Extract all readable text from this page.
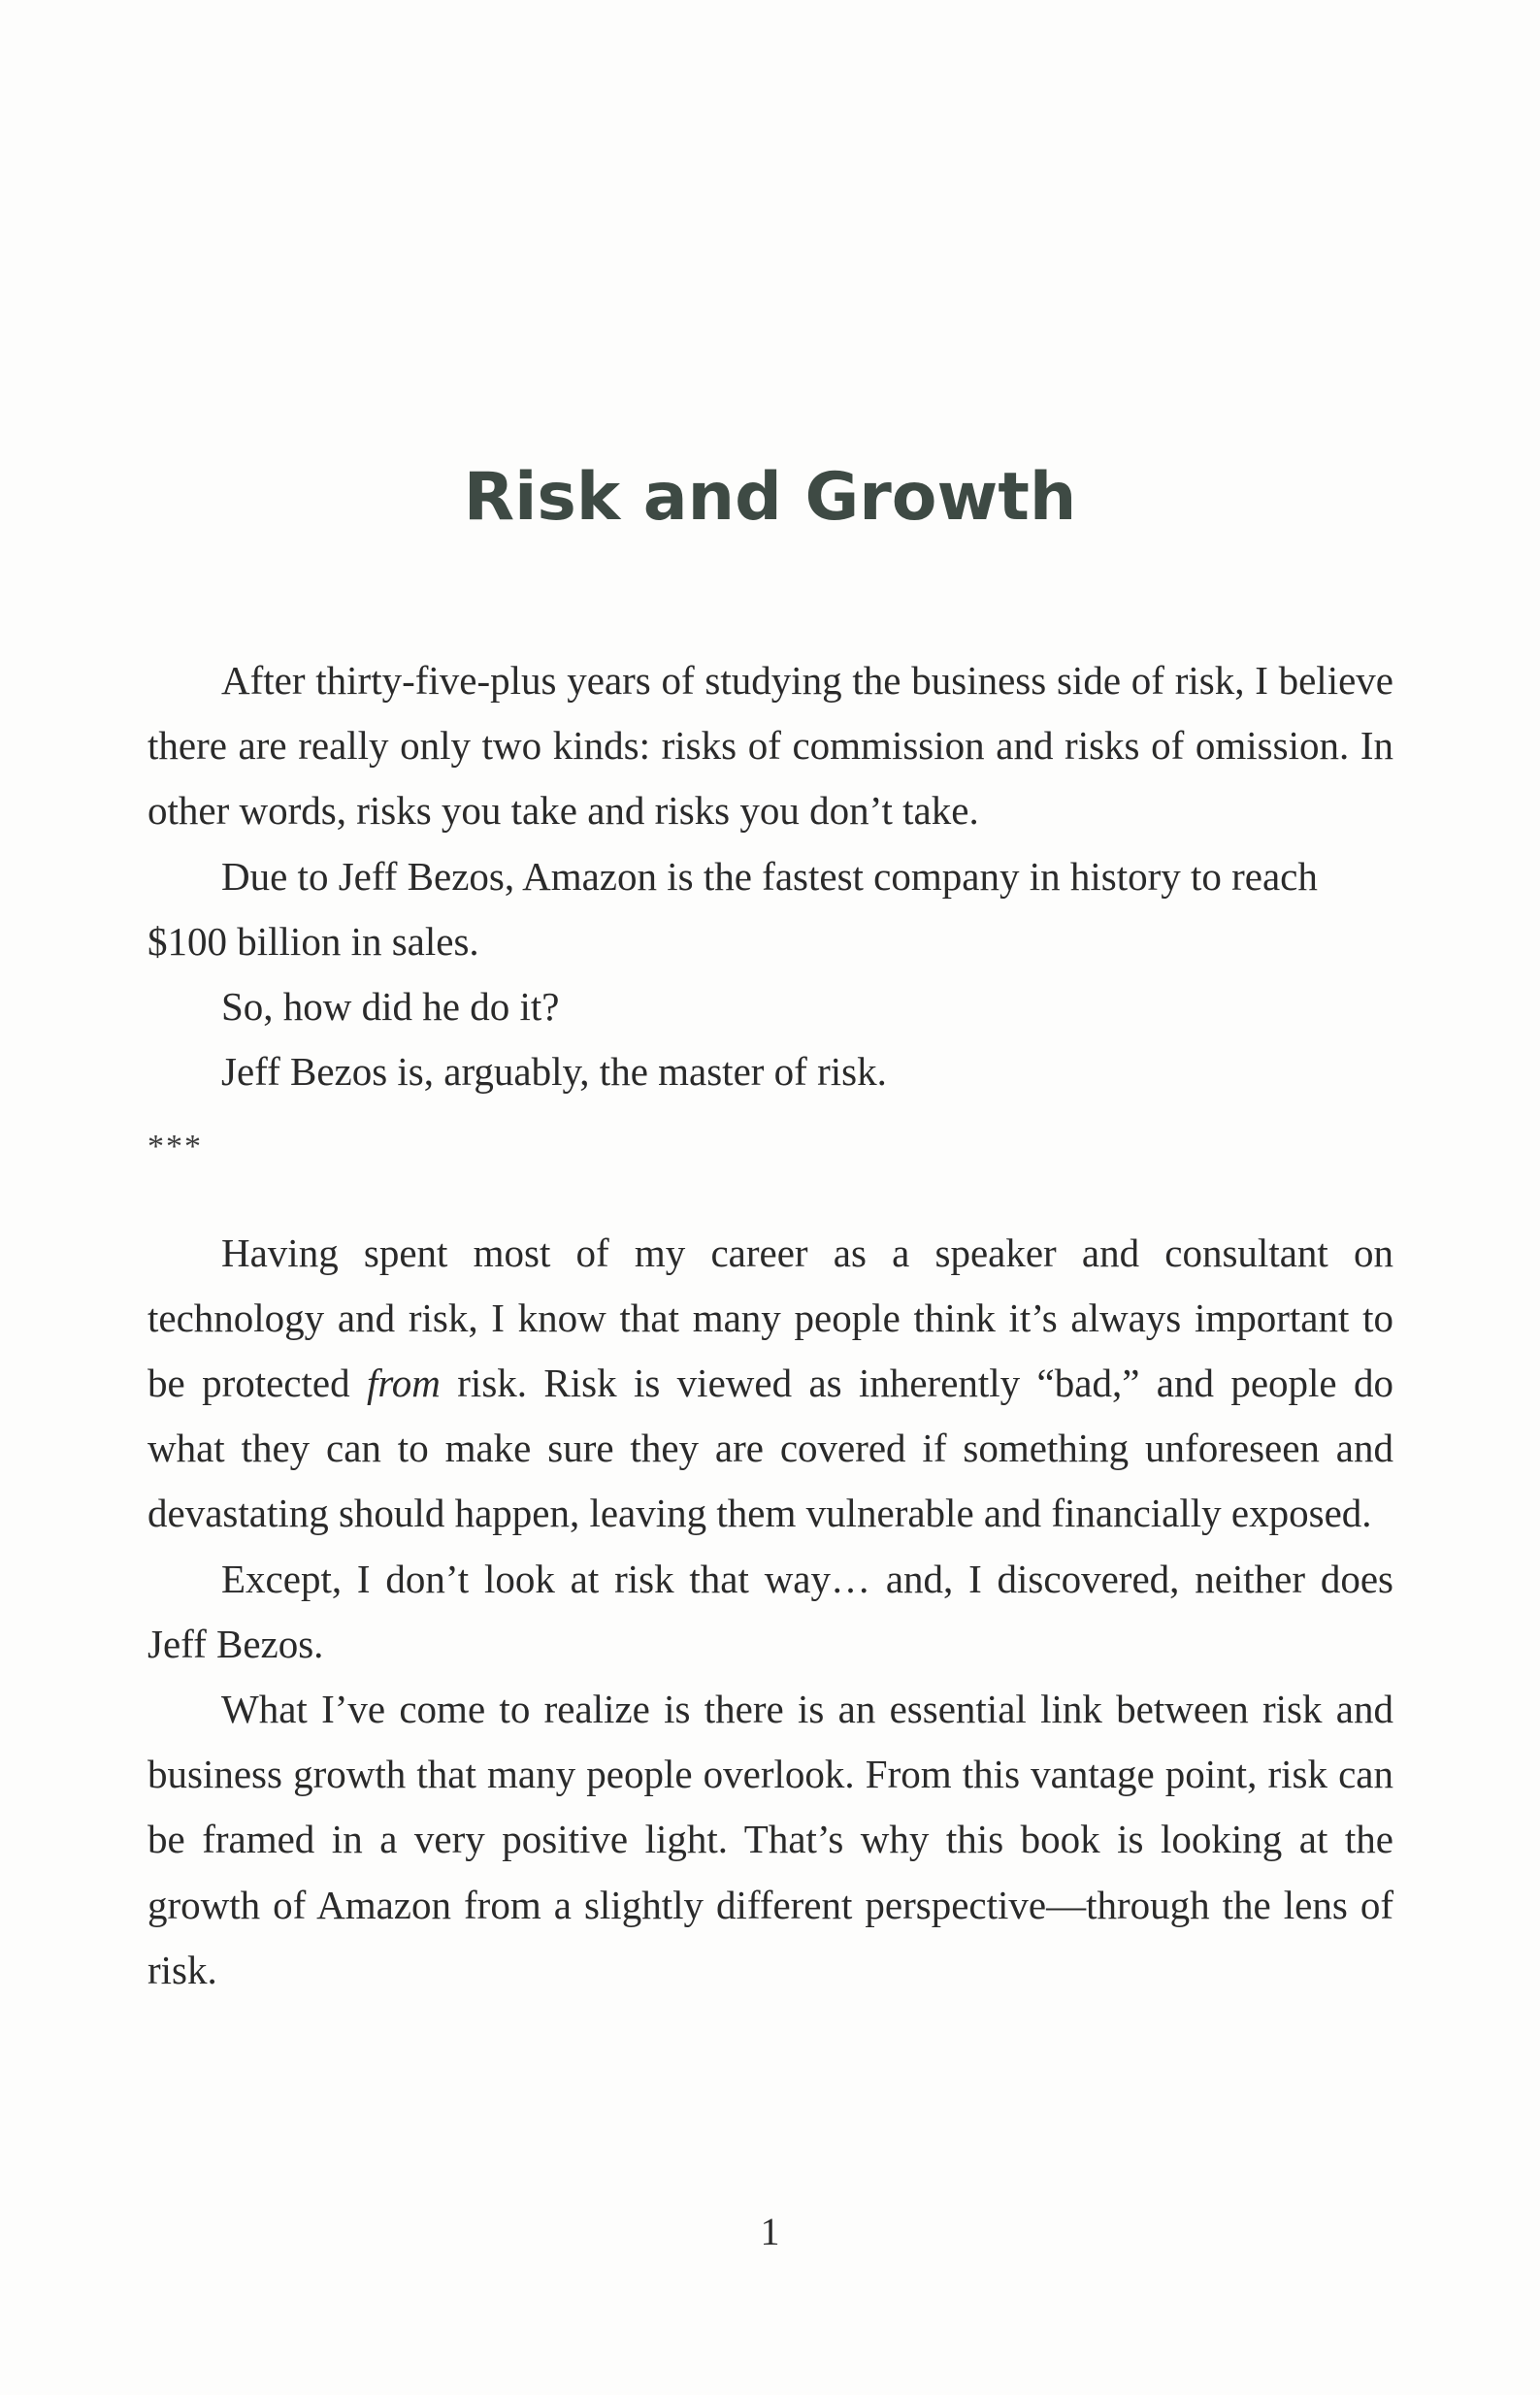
Risk and Growth

After thirty-five-plus years of studying the business side of risk, I believe there are really only two kinds: risks of commission and risks of omission. In other words, risks you take and risks you don’t take.

Due to Jeff Bezos, Amazon is the fastest company in history to reach $100 billion in sales.

So, how did he do it?

Jeff Bezos is, arguably, the master of risk.

***

Having spent most of my career as a speaker and consultant on technology and risk, I know that many people think it’s always important to be protected from risk. Risk is viewed as inherently “bad,” and people do what they can to make sure they are covered if something unforeseen and devastating should happen, leaving them vulnerable and financially exposed.

Except, I don’t look at risk that way… and, I discovered, neither does Jeff Bezos.

What I’ve come to realize is there is an essential link between risk and business growth that many people overlook. From this vantage point, risk can be framed in a very positive light. That’s why this book is looking at the growth of Amazon from a slightly different perspective—through the lens of risk.

1
